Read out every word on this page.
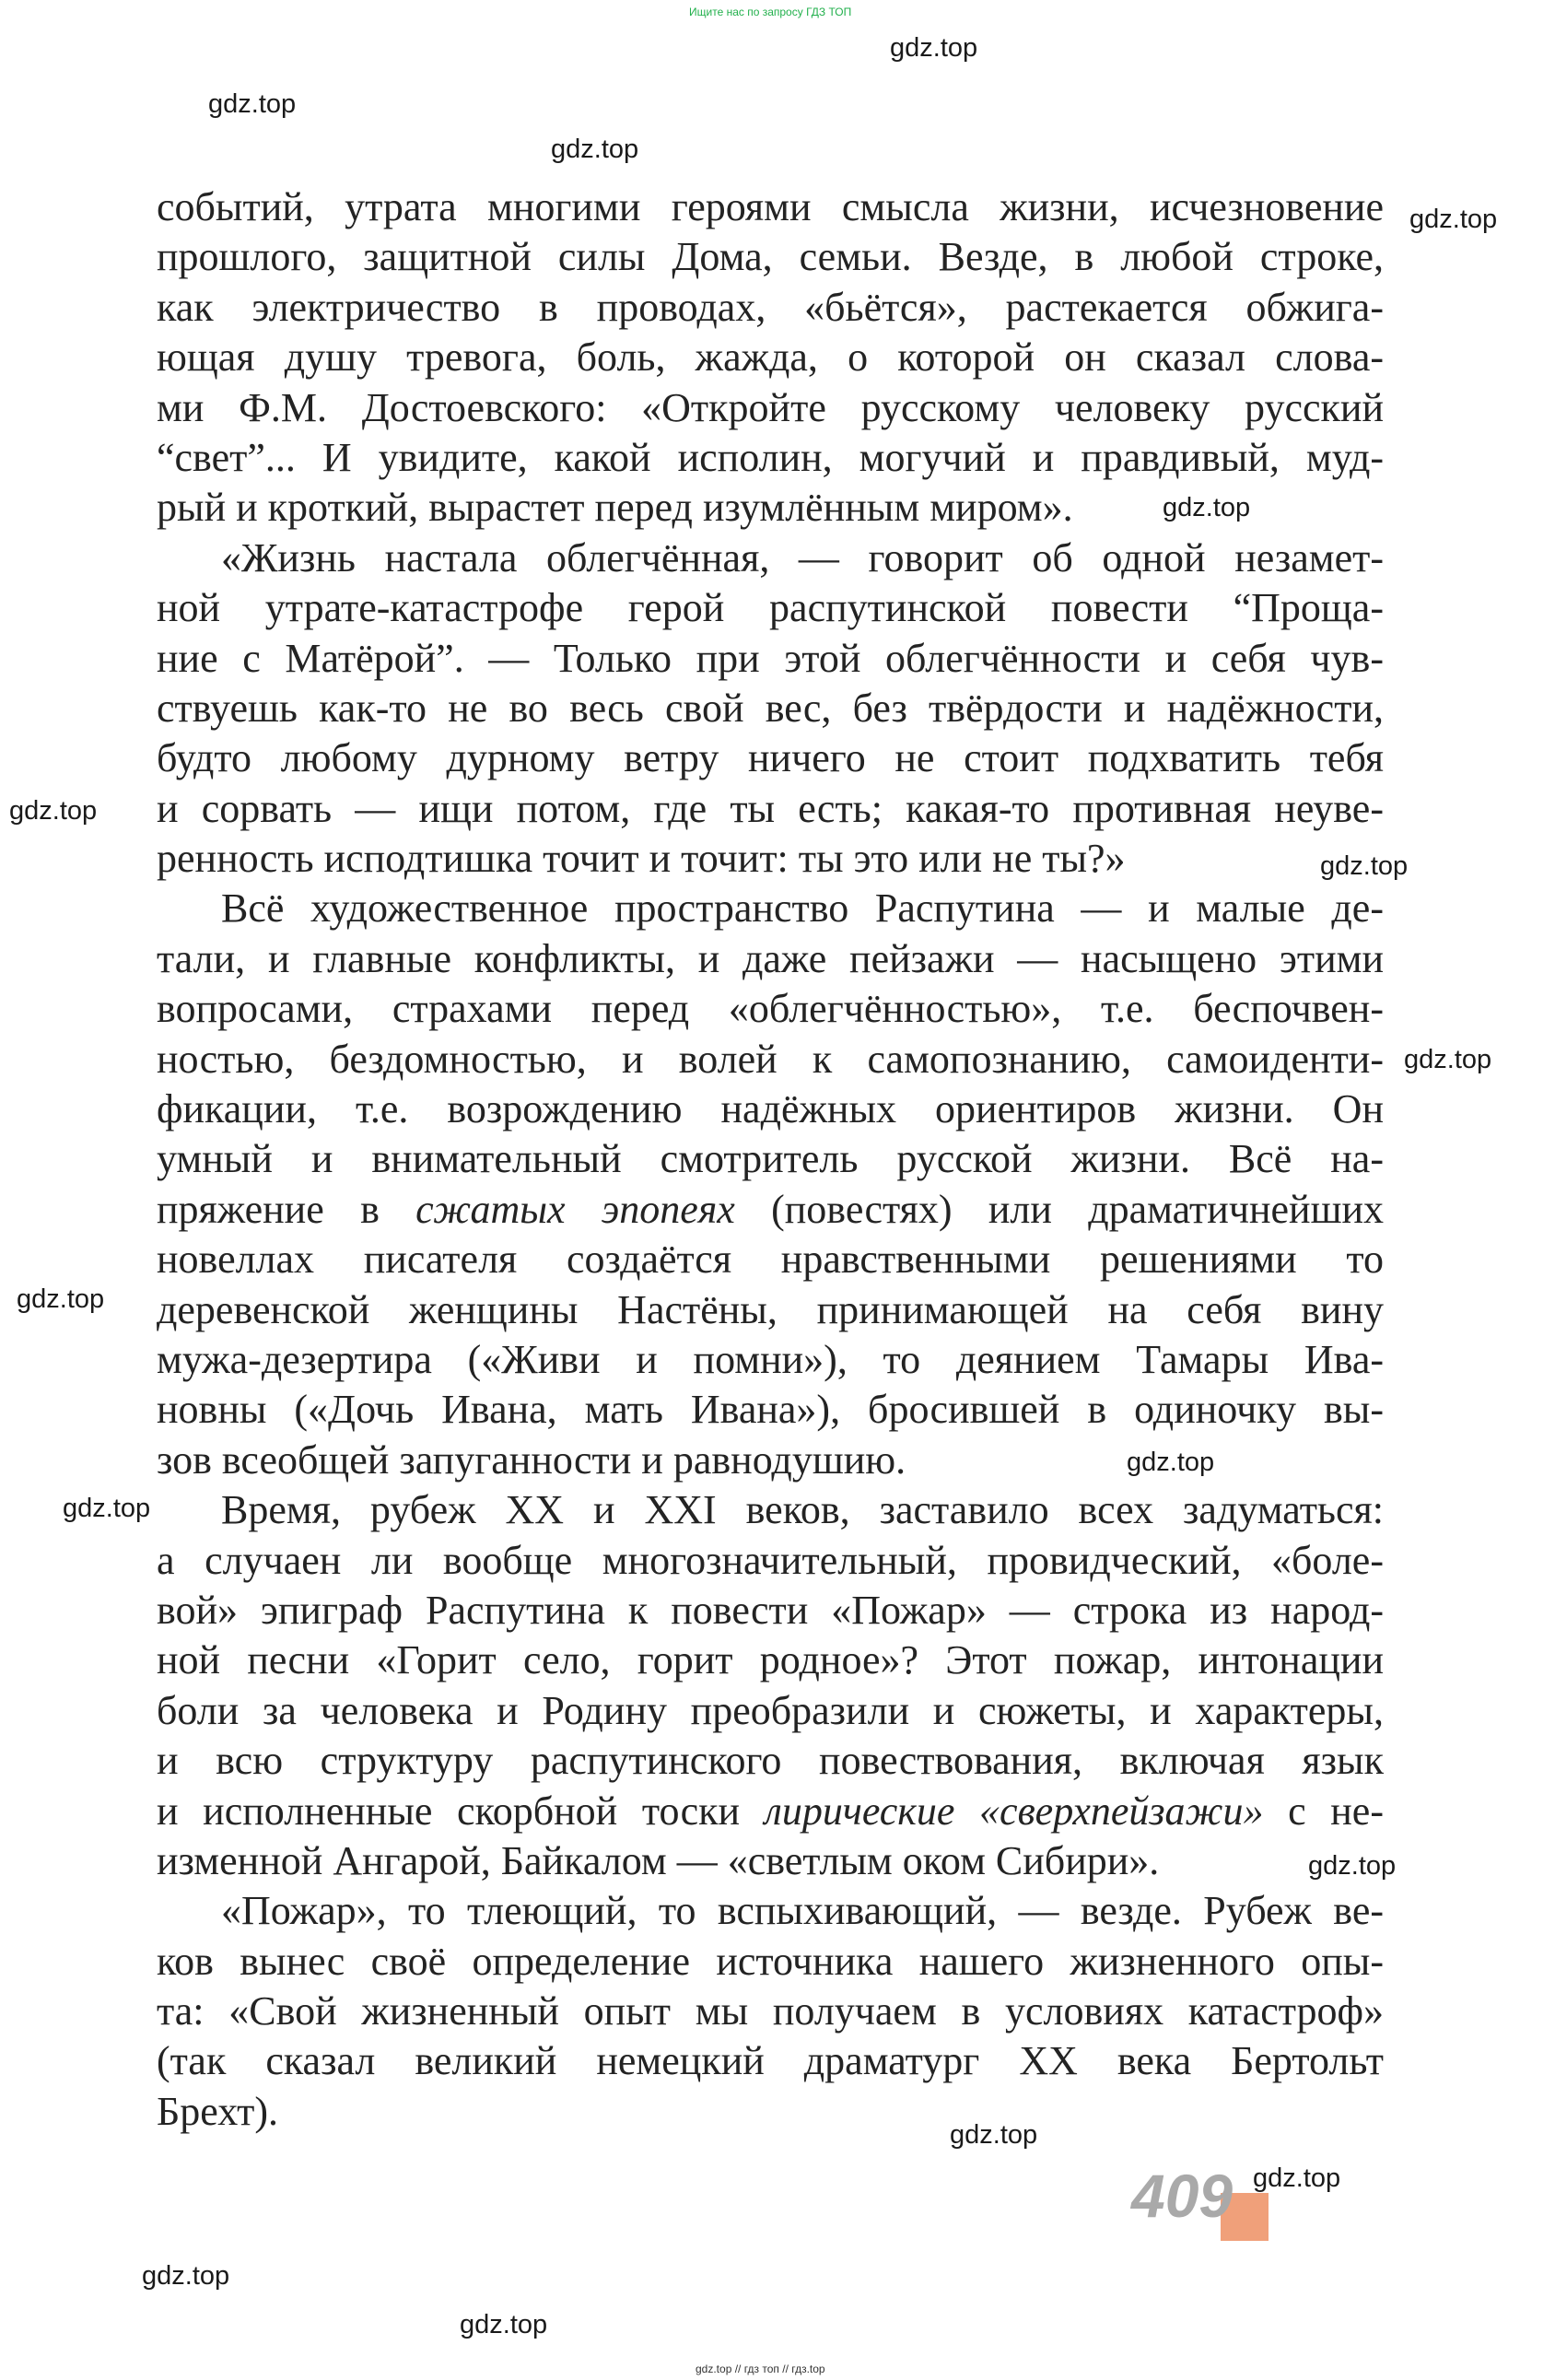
Ищите нас по запросу ГДЗ ТОП
gdz.top
gdz.top
gdz.top
gdz.top
gdz.top
gdz.top
gdz.top
gdz.top
gdz.top
gdz.top
gdz.top
gdz.top
gdz.top
gdz.top
gdz.top
gdz.top
событий, утрата многими героями смысла жизни, исчезновение
прошлого, защитной силы Дома, семьи. Везде, в любой строке,
как электричество в проводах, «бьётся», растекается обжига-
ющая душу тревога, боль, жажда, о которой он сказал слова-
ми Ф.М. Достоевского: «Откройте русскому человеку русский
“свет”... И увидите, какой исполин, могучий и правдивый, муд-
рый и кроткий, вырастет перед изумлённым миром».
«Жизнь настала облегчённая, — говорит об одной незамет-
ной утрате-катастрофе герой распутинской повести “Проща-
ние с Матёрой”. — Только при этой облегчённости и себя чув-
ствуешь как-то не во весь свой вес, без твёрдости и надёжности,
будто любому дурному ветру ничего не стоит подхватить тебя
и сорвать — ищи потом, где ты есть; какая-то противная неуве-
ренность исподтишка точит и точит: ты это или не ты?»
Всё художественное пространство Распутина — и малые де-
тали, и главные конфликты, и даже пейзажи — насыщено этими
вопросами, страхами перед «облегчённостью», т.е. беспочвен-
ностью, бездомностью, и волей к самопознанию, самоиденти-
фикации, т.е. возрождению надёжных ориентиров жизни. Он
умный и внимательный смотритель русской жизни. Всё на-
пряжение в сжатых эпопеях (повестях) или драматичнейших
новеллах писателя создаётся нравственными решениями то
деревенской женщины Настёны, принимающей на себя вину
мужа-дезертира («Живи и помни»), то деянием Тамары Ива-
новны («Дочь Ивана, мать Ивана»), бросившей в одиночку вы-
зов всеобщей запуганности и равнодушию.
Время, рубеж XX и XXI веков, заставило всех задуматься:
а случаен ли вообще многозначительный, провидческий, «боле-
вой» эпиграф Распутина к повести «Пожар» — строка из народ-
ной песни «Горит село, горит родное»? Этот пожар, интонации
боли за человека и Родину преобразили и сюжеты, и характеры,
и всю структуру распутинского повествования, включая язык
и исполненные скорбной тоски лирические «сверхпейзажи» с не-
изменной Ангарой, Байкалом — «светлым оком Сибири».
«Пожар», то тлеющий, то вспыхивающий, — везде. Рубеж ве-
ков вынес своё определение источника нашего жизненного опы-
та: «Свой жизненный опыт мы получаем в условиях катастроф»
(так сказал великий немецкий драматург XX века Бертольт
Брехт).
409
gdz.top // гдз топ // гдз.top
